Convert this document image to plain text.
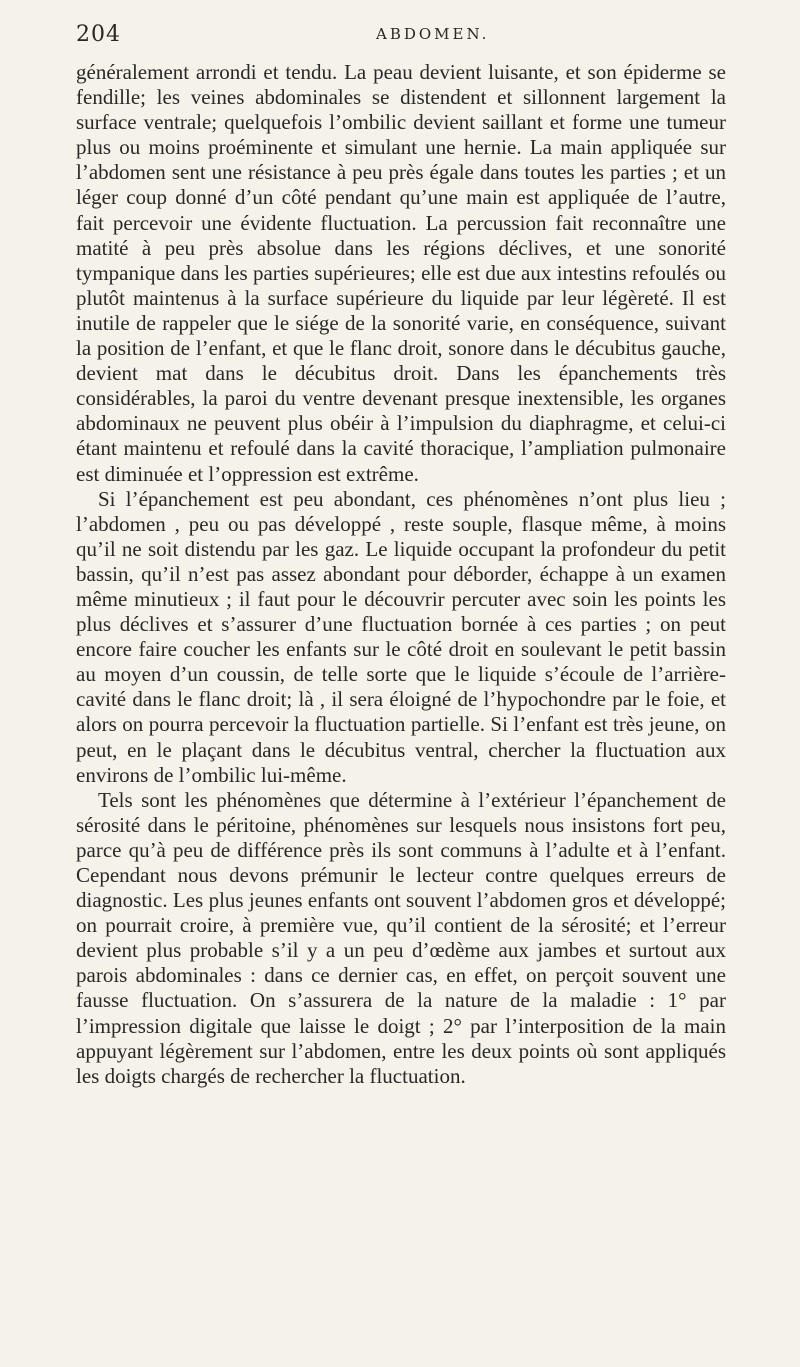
204	ABDOMEN.

généralement arrondi et tendu. La peau devient luisante, et son épiderme se fendille; les veines abdominales se distendent et sillonnent largement la surface ventrale; quelquefois l’ombilic devient saillant et forme une tumeur plus ou moins proéminente et simulant une hernie. La main appliquée sur l’abdomen sent une résistance à peu près égale dans toutes les parties ; et un léger coup donné d’un côté pendant qu’une main est appliquée de l’autre, fait percevoir une évidente fluctuation. La percussion fait reconnaître une matité à peu près absolue dans les régions déclives, et une sonorité tympanique dans les parties supérieures; elle est due aux intestins refoulés ou plutôt maintenus à la surface supérieure du liquide par leur légèreté. Il est inutile de rappeler que le siége de la sonorité varie, en conséquence, suivant la position de l’enfant, et que le flanc droit, sonore dans le décubitus gauche, devient mat dans le décubitus droit. Dans les épanchements très considérables, la paroi du ventre devenant presque inextensible, les organes abdominaux ne peuvent plus obéir à l’impulsion du diaphragme, et celui-ci étant maintenu et refoulé dans la cavité thoracique, l’ampliation pulmonaire est diminuée et l’oppression est extrême.

Si l’épanchement est peu abondant, ces phénomènes n’ont plus lieu ; l’abdomen , peu ou pas développé , reste souple, flasque même, à moins qu’il ne soit distendu par les gaz. Le liquide occupant la profondeur du petit bassin, qu’il n’est pas assez abondant pour déborder, échappe à un examen même minutieux ; il faut pour le découvrir percuter avec soin les points les plus déclives et s’assurer d’une fluctuation bornée à ces parties ; on peut encore faire coucher les enfants sur le côté droit en soulevant le petit bassin au moyen d’un coussin, de telle sorte que le liquide s’écoule de l’arrière-cavité dans le flanc droit; là , il sera éloigné de l’hypochondre par le foie, et alors on pourra percevoir la fluctuation partielle. Si l’enfant est très jeune, on peut, en le plaçant dans le décubitus ventral, chercher la fluctuation aux environs de l’ombilic lui-même.

Tels sont les phénomènes que détermine à l’extérieur l’épanchement de sérosité dans le péritoine, phénomènes sur lesquels nous insistons fort peu, parce qu’à peu de différence près ils sont communs à l’adulte et à l’enfant. Cependant nous devons prémunir le lecteur contre quelques erreurs de diagnostic. Les plus jeunes enfants ont souvent l’abdomen gros et développé; on pourrait croire, à première vue, qu’il contient de la sérosité; et l’erreur devient plus probable s’il y a un peu d’œdème aux jambes et surtout aux parois abdominales : dans ce dernier cas, en effet, on perçoit souvent une fausse fluctuation. On s’assurera de la nature de la maladie : 1° par l’impression digitale que laisse le doigt ; 2° par l’interposition de la main appuyant légèrement sur l’abdomen, entre les deux points où sont appliqués les doigts chargés de rechercher la fluctuation.
